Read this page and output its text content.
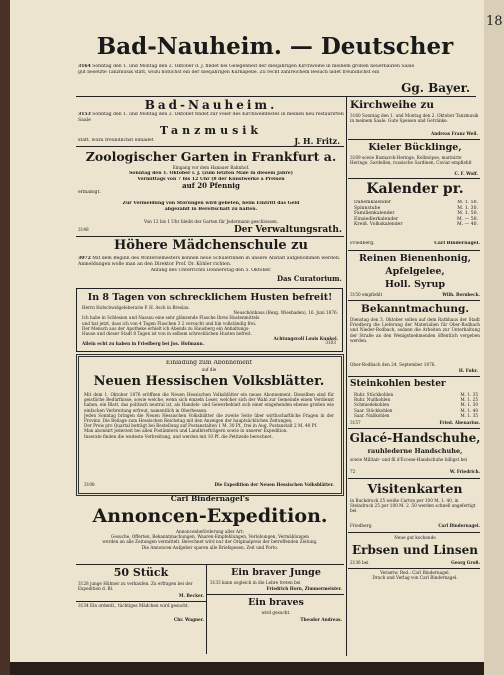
18
Bad-Nauheim. — Deutscher
3164 Sonntag den 1. und Montag den 2. Oktober d. J. findet bei Gelegenheit der diesjährigen Kirchweihe in meinem großen neuerbauten Saale
gut besetzte Tanzmusik statt, wozu höflichst ein der diesjährigen Kurkapelle. Zu recht zahlreichem Besuch ladet freundlichst ein
Gg. Bayer.
Bad-Nauheim.
3153 Sonntag den 1. und Montag den 2. Oktober findet zur Feier des Kirchweihfestes in meinen neu restaurirten Saale
Tanzmusik
statt, wozu freundlichst einladet	J. H. Fritz.
Zoologischer Garten in Frankfurt a.
Eingang vor dem Hanauer Bahnhof.
Sonntag den 1. Oktober l. J. (zum letzten Male in diesem Jahre)
Vormittags von 7 bis 12 Uhr (8 der Kunstwerke a Preisen
auf 20 Pfennig
ermäßigt.
Zur Vermeidung von Störungen wird gebeten, beim Eintritt das Geld
abgezählt in Bereitschaft zu halten.
Von 12 bis 1 Uhr bleibt der Garten für Jedermann geschlossen.
3148	Der Verwaltungsrath.
Höhere Mädchenschule zu
3072 Mit dem Beginn des Wintersemesters können neue Schülerinnen in unsere Anstalt aufgenommen werden. Anmeldungen wolle man an den Direktor Prof. Dr. Köhler richten.
Anfang des Unterrichts Donnerstag den 5. Oktober.
Das Curatorium.
In 8 Tagen von schrecklichem Husten befreit!
Herrn Hofschwidgeleberarie P. H. Asch in Breslau.
Neuschönhaus (Bezg. Wiesbaden), 16. Juni 1876.
Ich habe in Schlesien und Nassau eine sehr glänzende Flasche Ihres Hustenmittels
und hat jetzt, dass ich von 4 Tagen Flaschen 3 2 versucht und bin vollständig frei.
Der Mensch aus der Apotheke erhielt ich Abends zu Hausberg ein Anhaltungs-
Hause und dieser Stadt 8 Tagen ist von in selbem schrecklichen Husten befreit.
Achtungsvoll Louis Kunkel.
Allein echt zu haben in Friedberg bei Jos. Hofmann.	3103
Einladung zum Abonnement
auf die
Neuen Hessischen Volksblätter.
Mit dem 1. Oktober 1876 eröffnen die Neuen Hessischen Volksblätter ein neues Abonnement. Dieselben sind für geistliche Bedürfnisse, sowie welche, wenn sich einzeln Leser, welcher sich der Wahl zur Gemeinde einen Verdienst haben, ein Blatt, das politisch neutral ist, als Handels- und Gewerbeblatt sich einer eingehenden ebenso großen wie einfachen Verbreitung erfreut, namentlich in Oberhessen.
Jeden Sonntag bringen die Neuen Hessischen Volksblätter die zweite Seite über wirthschaftliche Fragen in der Provinz. Die Beilage zum Hessischen Reichstag mit den Anzeigen der hauptsächlichen Zeitungen,
Der Preis pro Quartal beträgt bei Bestellung auf Postanstalten 1 M. 30 Pf., frei in Aug. Postanstalt 2 M. 40 Pf.
Man abonnirt jederzeit bei allen Postämtern und Landbriefträgern sowie in unserer Expedition.
Inserate finden die weiteste Verbreitung, und werden mit 10 Pf. die Petitzeile berechnet.
3108	Die Expedition der Neuen Hessischen Volksblätter.
Carl Bindernagel's
Annoncen-Expedition.
Annoncenbeförderung aller Art:
Gesuche, Offerten, Bekanntmachungen, Waaren-Empfehlungen, Verlobungen, Vermählungen
werden an alle Zeitungen vermittelt. Berechnet wird nur der Originalpreis der betreffenden Zeitung.
Die Annoncen-Aufgeber sparen alle Briefspesen, Zeit und Porto.
50 Stück
3128 junge Hühner zu verkaufen. Zu erfragen bei der Expedition d. Bl.
M. Becker.
3134 Ein ordentl., tüchtiges Mädchen wird gesucht.
Chr. Wagner.
Ein braver Junge
3133 kann sogleich in die Lehre treten bei
Friedrich Horn, Zimmermeister.
Ein braves
wird gesucht.
Theodor Andreas.
Kirchweihe zu
3160 Sonntag den 1. und Montag den 2. Oktober Tanzmusik in meinem Saale. Gute Speisen und Getränke.
Andreas Franz Weil.
Kieler Bücklinge,
3169 sowie Bismarck-Heringe, Rollmöpse, marinirte Heringe, Sardellen, russische Sardinen, Caviar empfiehlt
C. F. Wolf.
Kalender pr.
Dahemkalender	M. 1. 50.
Spinnstube	M. 1. 30.
Familienkalender	M. 1. 50.
Einsiedlerkalender	M. — 50.
Kreiß. Volkskalender	M. — 40.
Friedberg.	Carl Bindernagel.
Reinen Bienenhonig,
Apfelgelee,
Holl. Syrup
3150 empfiehlt	Wilh. Bernbeck.
Bekanntmachung.
Dienstag den 3. Oktober sollen auf dem Rathhaus der Stadt Friedberg die Lieferung der Materialien für Ober-Rodbach und Nieder-Rodbach, sodann die Arbeiten zur Unterhaltung der Straße an den Wenigstnehmenden öffentlich vergeben werden.
Ober-Rodbach den 24. September 1876.
H. Fuhr.
Steinkohlen bester
Ruhr. Stückkohlen	M. 1. 35
Ruhr. Nußkohlen	M. 1. 25
Schmiedekohlen	M. 1. 30
Saar. Stückkohlen	M. 1. 40
Saar. Nußkohlen	M. 1. 35
3157	Fried. Abenarius.
Glacé-Handschuhe,
rauhlederne Handschuhe,
sowie Militair- und fil d'Ecosse-Handschuhe billigst bei
72	W. Friedrich.
Visitenkarten
in Buchdruck 25 weiße Carton per 100 M. 1. 40, in Steindruck 25 per 100 M. 2. 50 werden schnell angefertigt bei
Friedberg.	Carl Bindernagel.
Neue gut kochende
Erbsen und Linsen
2136 bei	Georg Groß.
Verantw. Red.: Carl Bindernagel.
Druck und Verlag von Carl Bindernagel.
